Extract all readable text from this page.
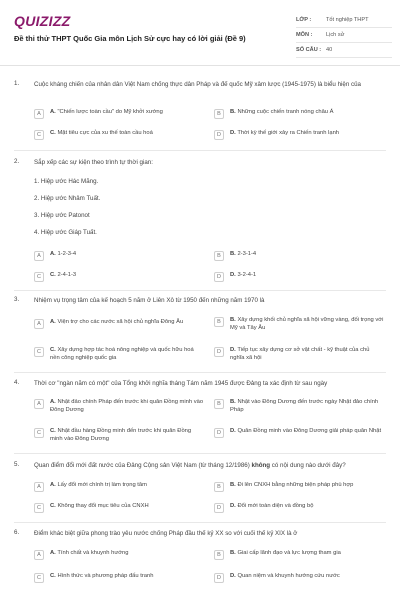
QUIZIZZ
Đề thi thử THPT Quốc Gia môn Lịch Sử cực hay có lời giải (Đề 9)
LỚP :	Tốt nghiệp THPT
MÔN :	Lịch sử
SỐ CÂU : 40
1.	Cuộc kháng chiến của nhân dân Việt Nam chống thực dân Pháp và đế quốc Mỹ xâm lược (1945-1975) là biểu hiện của
A	A. "Chiến lược toàn cầu" do Mỹ khởi xướng	B	B. Những cuộc chiến tranh nóng châu Á
C	C. Mặt tiêu cực của xu thế toàn cầu hoá	D	D. Thời kỳ thế giới xảy ra Chiến tranh lạnh
2.	Sắp xếp các sự kiện theo trình tự thời gian:
1. Hiệp ước Hác Măng.
2. Hiệp ước Nhâm Tuất.
3. Hiệp ước Patonot
4. Hiệp ước Giáp Tuất.
A	A. 1-2-3-4	B	B. 2-3-1-4
C	C. 2-4-1-3	D	D. 3-2-4-1
3.	Nhiệm vụ trọng tâm của kế hoạch 5 năm ở Liên Xô từ 1950 đến những năm 1970 là
A	A. Viện trợ cho các nước xã hội chủ nghĩa Đông Âu	B	B. Xây dựng khối chủ nghĩa xã hội vững vàng, đối trọng với Mỹ và Tây Âu
C	C. Xây dựng hợp tác hoá nông nghiệp và quốc hữu hoá nền công nghiệp quốc gia
D	D. Tiếp tục xây dựng cơ sở vật chất - kỹ thuật của chủ nghĩa xã hội
4.	Thời cơ "ngàn năm có một" của Tổng khởi nghĩa tháng Tám năm 1945 được Đảng ta xác định từ sau ngày
A	A. Nhật đảo chính Pháp đến trước khi quân Đồng minh vào Đông Dương
B	B. Nhật vào Đông Dương đến trước ngày Nhật đảo chính Pháp
C	C. Nhật đầu hàng Đồng minh đến trước khi quân Đồng minh vào Đông Dương
D	D. Quân Đồng minh vào Đông Dương giải pháp quân Nhật
5.	Quan điểm đổi mới đất nước của Đảng Cộng sản Việt Nam (từ tháng 12/1986) không có nội dung nào dưới đây?
A	A. Lấy đổi mới chính trị làm trọng tâm	B	B. Đi lên CNXH bằng những biện pháp phù hợp
C	C. Không thay đổi mục tiêu của CNXH	D	D. Đổi mới toàn diện và đồng bộ
6.	Điểm khác biệt giữa phong trào yêu nước chống Pháp đầu thế kỷ XX so với cuối thế kỷ XIX là ở
A	A. Tính chất và khuynh hướng	B	B. Giai cấp lãnh đạo và lực lượng tham gia
C	C. Hình thức và phương pháp đấu tranh	D	D. Quan niệm và khuynh hướng cứu nước
